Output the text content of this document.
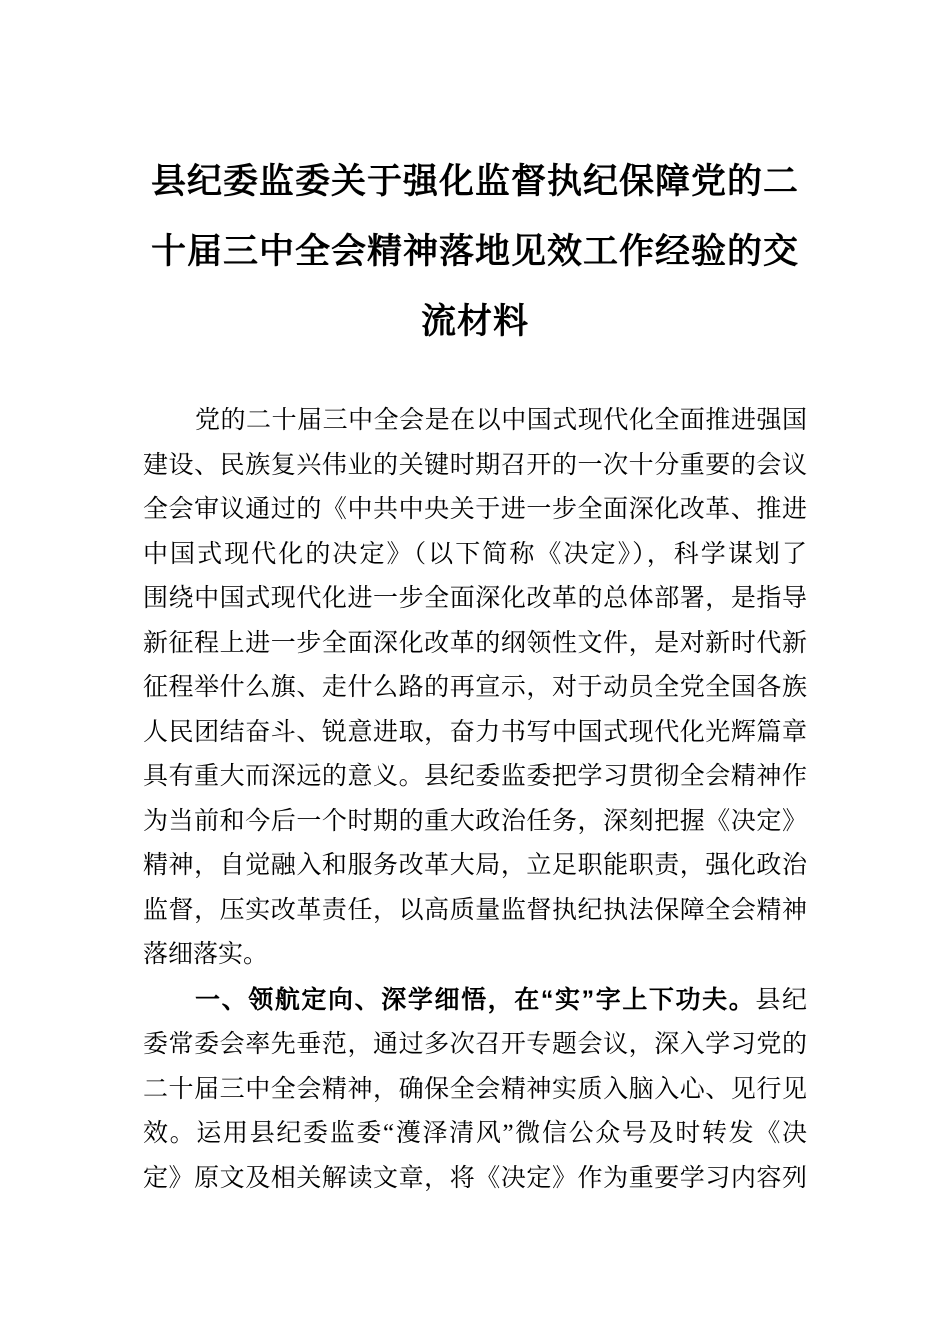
县纪委监委关于强化监督执纪保障党的二
十届三中全会精神落地见效工作经验的交
流材料
党的二十届三中全会是在以中国式现代化全面推进强国
建设、民族复兴伟业的关键时期召开的一次十分重要的会议
全会审议通过的《中共中央关于进一步全面深化改革、推进
中国式现代化的决定》（以下简称《决定》），科学谋划了
围绕中国式现代化进一步全面深化改革的总体部署，是指导
新征程上进一步全面深化改革的纲领性文件，是对新时代新
征程举什么旗、走什么路的再宣示，对于动员全党全国各族
人民团结奋斗、锐意进取，奋力书写中国式现代化光辉篇章
具有重大而深远的意义。县纪委监委把学习贯彻全会精神作
为当前和今后一个时期的重大政治任务，深刻把握《决定》
精神，自觉融入和服务改革大局，立足职能职责，强化政治
监督，压实改革责任，以高质量监督执纪执法保障全会精神
落细落实。
一、领航定向、深学细悟，在“实”字上下功夫。县纪
委常委会率先垂范，通过多次召开专题会议，深入学习党的
二十届三中全会精神，确保全会精神实质入脑入心、见行见
效。运用县纪委监委“濩泽清风”微信公众号及时转发《决
定》原文及相关解读文章，将《决定》作为重要学习内容列
